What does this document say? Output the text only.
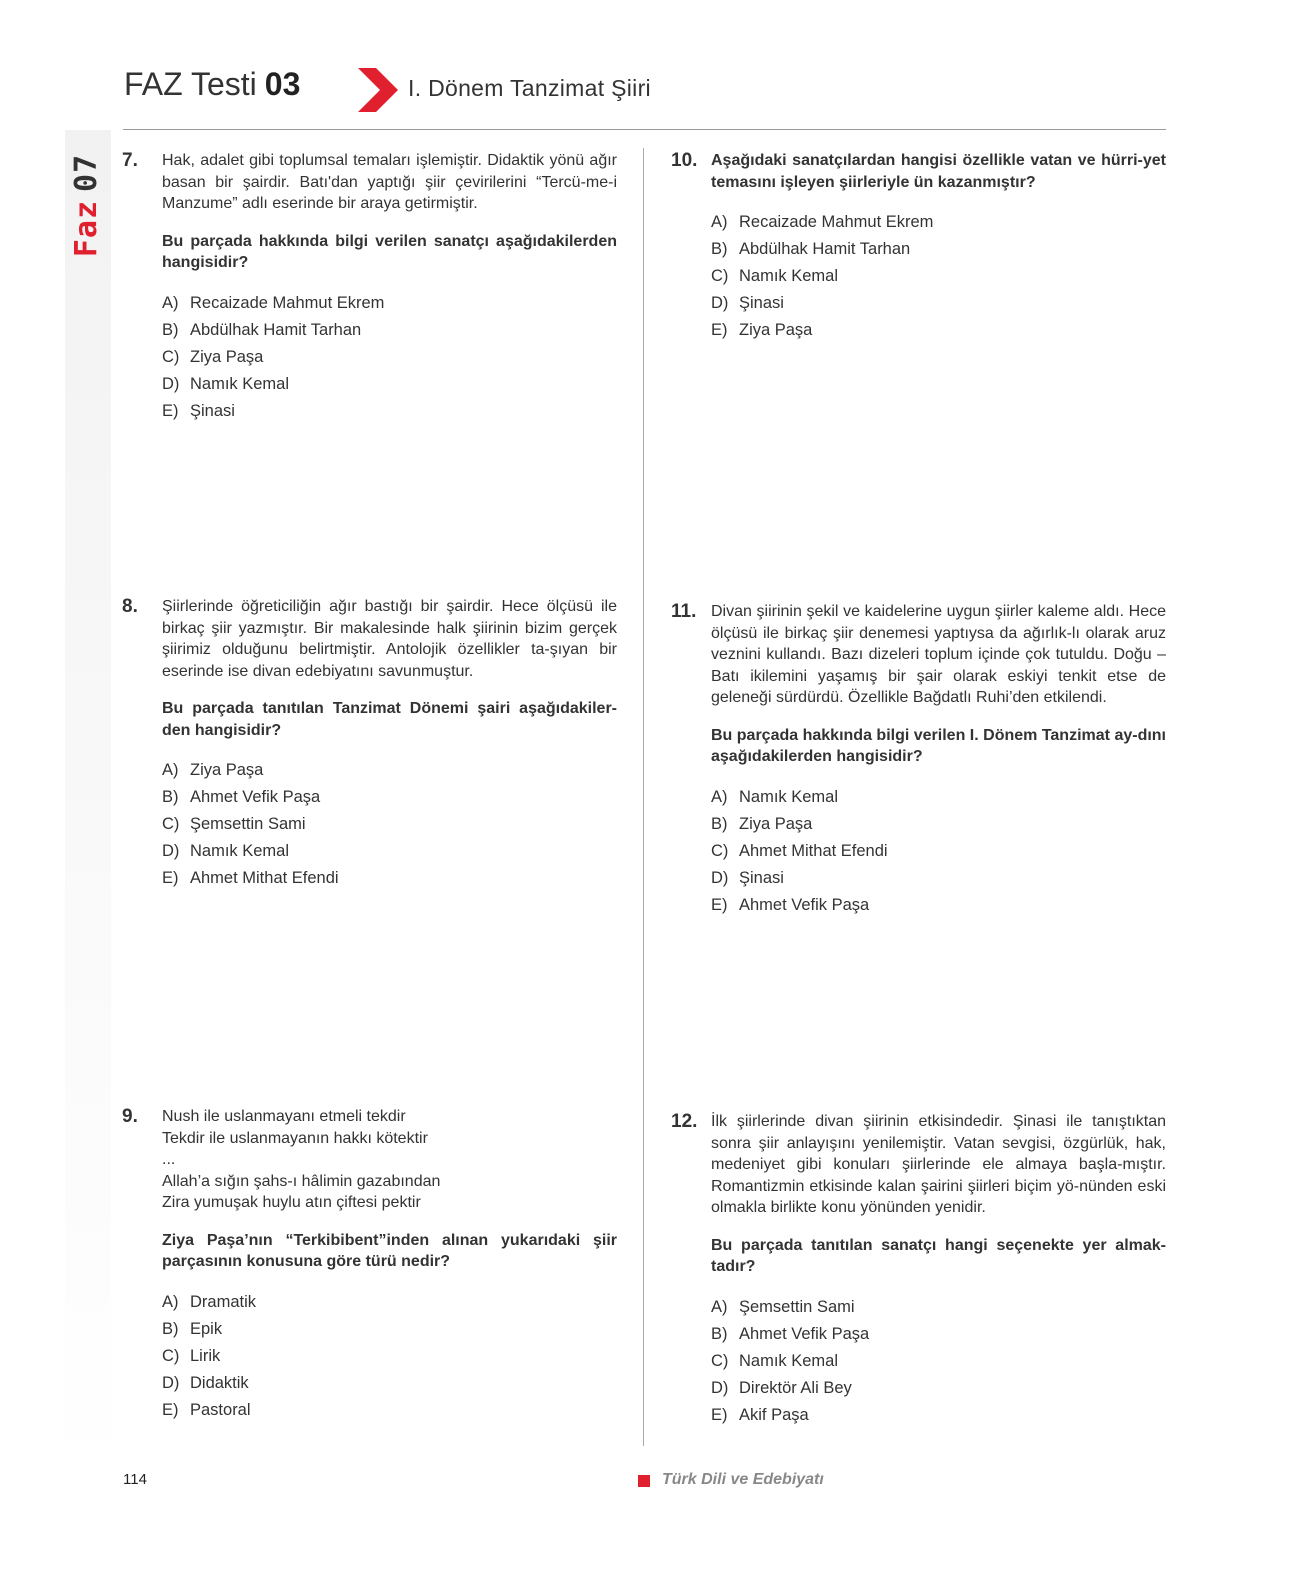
Faz07
FAZ Testi 03	I. Dönem Tanzimat Şiiri
7. Hak, adalet gibi toplumsal temaları işlemiştir. Didaktik yönü ağır basan bir şairdir. Batı'dan yaptığı şiir çevirilerini “Tercü-me-i Manzume” adlı eserinde bir araya getirmiştir.

Bu parçada hakkında bilgi verilen sanatçı aşağıdakilerden hangisidir?

A) Recaizade Mahmut Ekrem
B) Abdülhak Hamit Tarhan
C) Ziya Paşa
D) Namık Kemal
E) Şinasi
8. Şiirlerinde öğreticiliğin ağır bastığı bir şairdir. Hece ölçüsü ile birkaç şiir yazmıştır. Bir makalesinde halk şiirinin bizim gerçek şiirimiz olduğunu belirtmiştir. Antolojik özellikler ta-şıyan bir eserinde ise divan edebiyatını savunmuştur.

Bu parçada tanıtılan Tanzimat Dönemi şairi aşağıdakiler-den hangisidir?

A) Ziya Paşa
B) Ahmet Vefik Paşa
C) Şemsettin Sami
D) Namık Kemal
E) Ahmet Mithat Efendi
9. Nush ile uslanmayanı etmeli tekdir
Tekdir ile uslanmayanın hakkı kötektir
...
Allah’a sığın şahs-ı hâlimin gazabından
Zira yumuşak huylu atın çiftesi pektir

Ziya Paşa’nın “Terkibibent”inden alınan yukarıdaki şiir parçasının konusuna göre türü nedir?

A) Dramatik
B) Epik
C) Lirik
D) Didaktik
E) Pastoral
10. Aşağıdaki sanatçılardan hangisi özellikle vatan ve hürri-yet temasını işleyen şiirleriyle ün kazanmıştır?

A) Recaizade Mahmut Ekrem
B) Abdülhak Hamit Tarhan
C) Namık Kemal
D) Şinasi
E) Ziya Paşa
11. Divan şiirinin şekil ve kaidelerine uygun şiirler kaleme aldı. Hece ölçüsü ile birkaç şiir denemesi yaptıysa da ağırlık-lı olarak aruz veznini kullandı. Bazı dizeleri toplum içinde çok tutuldu. Doğu – Batı ikilemini yaşamış bir şair olarak eskiyi tenkit etse de geleneği sürdürdü. Özellikle Bağdatlı Ruhi’den etkilendi.

Bu parçada hakkında bilgi verilen I. Dönem Tanzimat ay-dını aşağıdakilerden hangisidir?

A) Namık Kemal
B) Ziya Paşa
C) Ahmet Mithat Efendi
D) Şinasi
E) Ahmet Vefik Paşa
12. İlk şiirlerinde divan şiirinin etkisindedir. Şinasi ile tanıştıktan sonra şiir anlayışını yenilemiştir. Vatan sevgisi, özgürlük, hak, medeniyet gibi konuları şiirlerinde ele almaya başla-mıştır. Romantizmin etkisinde kalan şairini şiirleri biçim yö-nünden eski olmakla birlikte konu yönünden yenidir.

Bu parçada tanıtılan sanatçı hangi seçenekte yer almak-tadır?

A) Şemsettin Sami
B) Ahmet Vefik Paşa
C) Namık Kemal
D) Direktör Ali Bey
E) Akif Paşa
114	Türk Dili ve Edebiyatı
